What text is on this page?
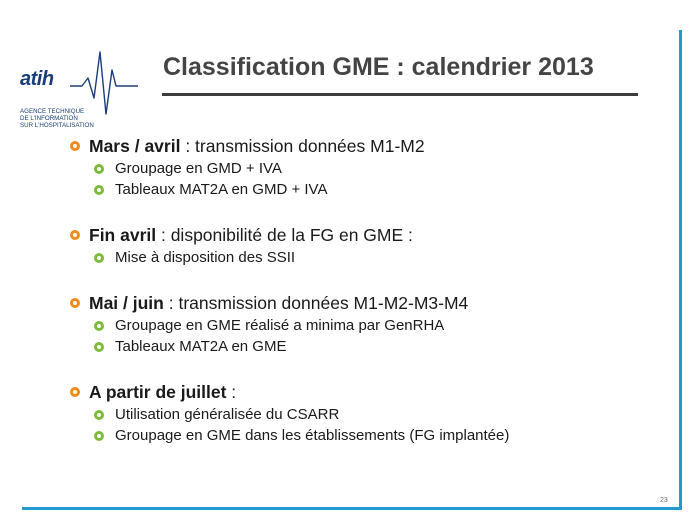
atih
AGENCE TECHNIQUE
DE L'INFORMATION
SUR L'HOSPITALISATION
Classification GME : calendrier 2013
Mars / avril : transmission données M1-M2
Groupage en GMD + IVA
Tableaux MAT2A en GMD + IVA
Fin avril : disponibilité de la FG en GME :
Mise à disposition des SSII
Mai / juin : transmission données M1-M2-M3-M4
Groupage en GME réalisé a minima par GenRHA
Tableaux MAT2A en GME
A partir de juillet :
Utilisation généralisée du CSARR
Groupage en GME dans les établissements (FG implantée)
23
